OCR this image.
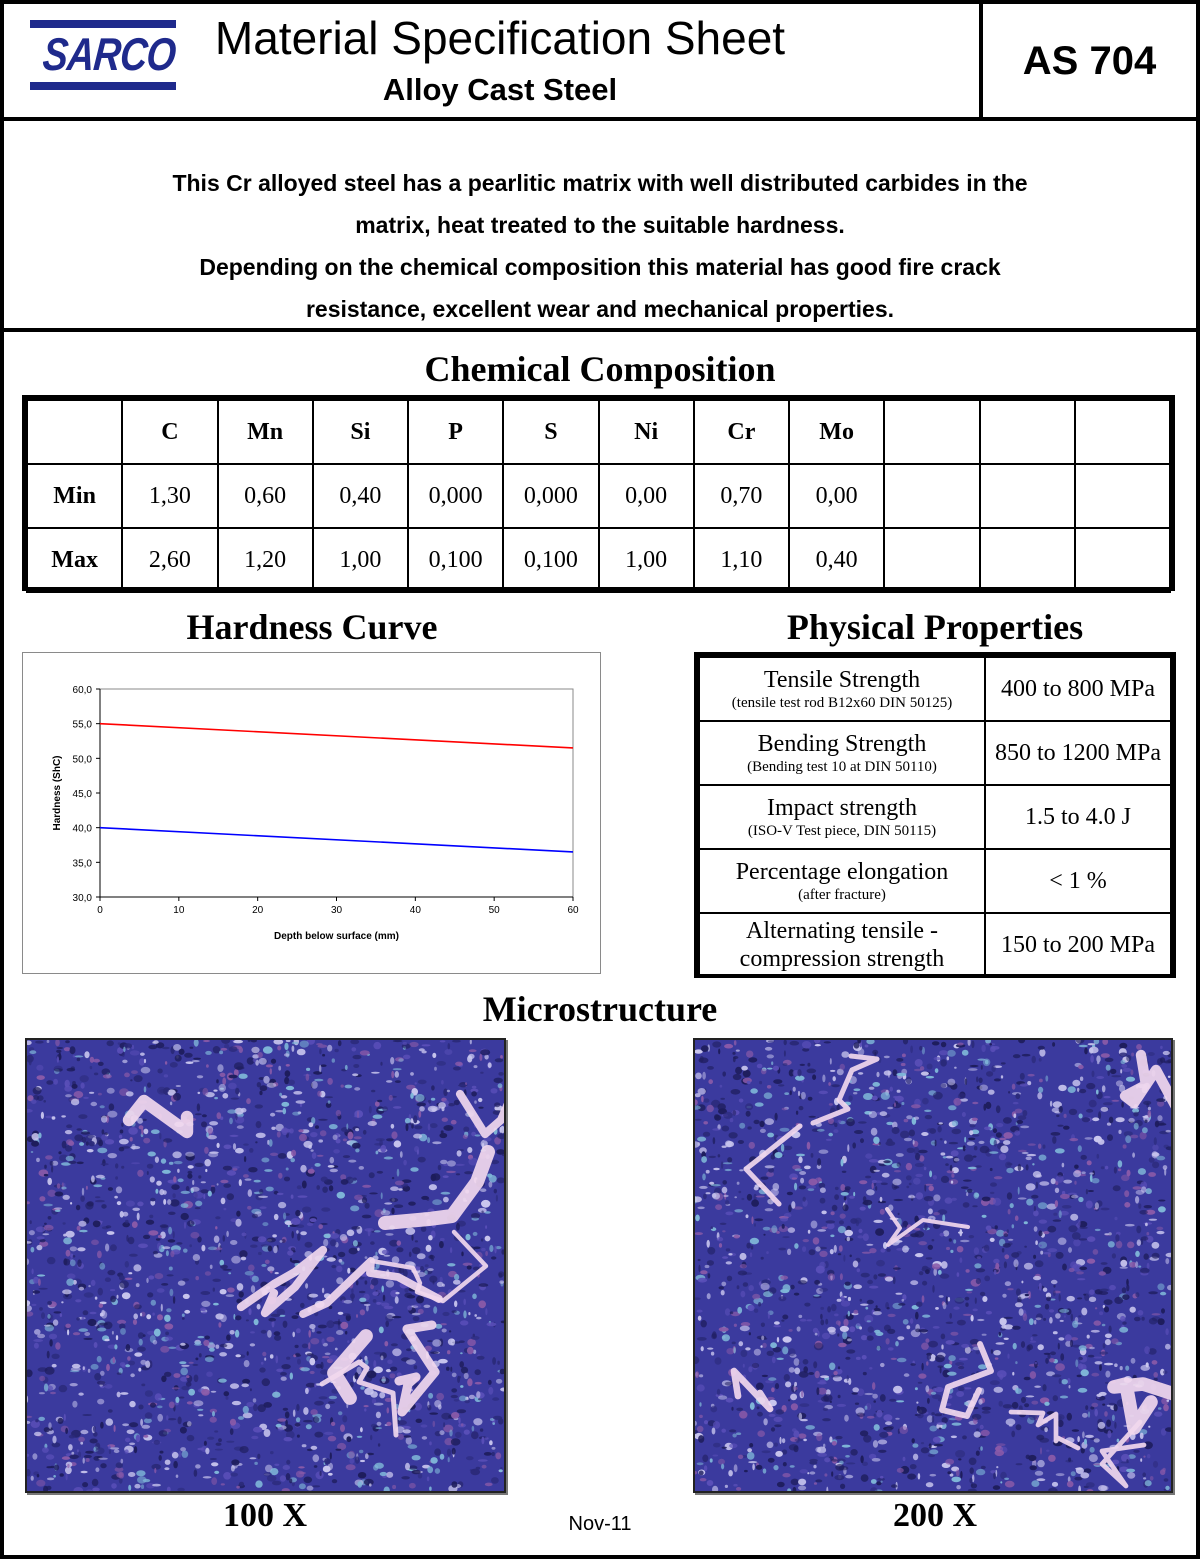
SARCO Material Specification Sheet
Alloy Cast Steel
AS 704
This Cr alloyed steel has a pearlitic matrix with well distributed carbides in the
matrix, heat treated to the suitable hardness.
Depending on the chemical composition this material has good fire crack
resistance, excellent wear and mechanical properties.
Chemical Composition
	C	Mn	Si	P	S	Ni	Cr	Mo			
Min	1,30	0,60	0,40	0,000	0,000	0,00	0,70	0,00			
Max	2,60	1,20	1,00	0,100	0,100	1,00	1,10	0,40			
Hardness Curve
30,0
35,0
40,0
45,0
50,0
55,0
60,0
0	10	20	30	40	50	60
Hardness (ShC)
Depth below surface (mm)
Physical Properties
Tensile Strength
(tensile test rod B12x60 DIN 50125)	400 to 800 MPa

Bending Strength
(Bending test 10 at DIN 50110)	850 to 1200 MPa

Impact strength
(ISO-V Test piece, DIN 50115)	1.5 to 4.0 J

Percentage elongation
(after fracture)	< 1 %

Alternating tensile -
compression strength	150 to 200 MPa
Microstructure
100 X	200 X
Nov-11
